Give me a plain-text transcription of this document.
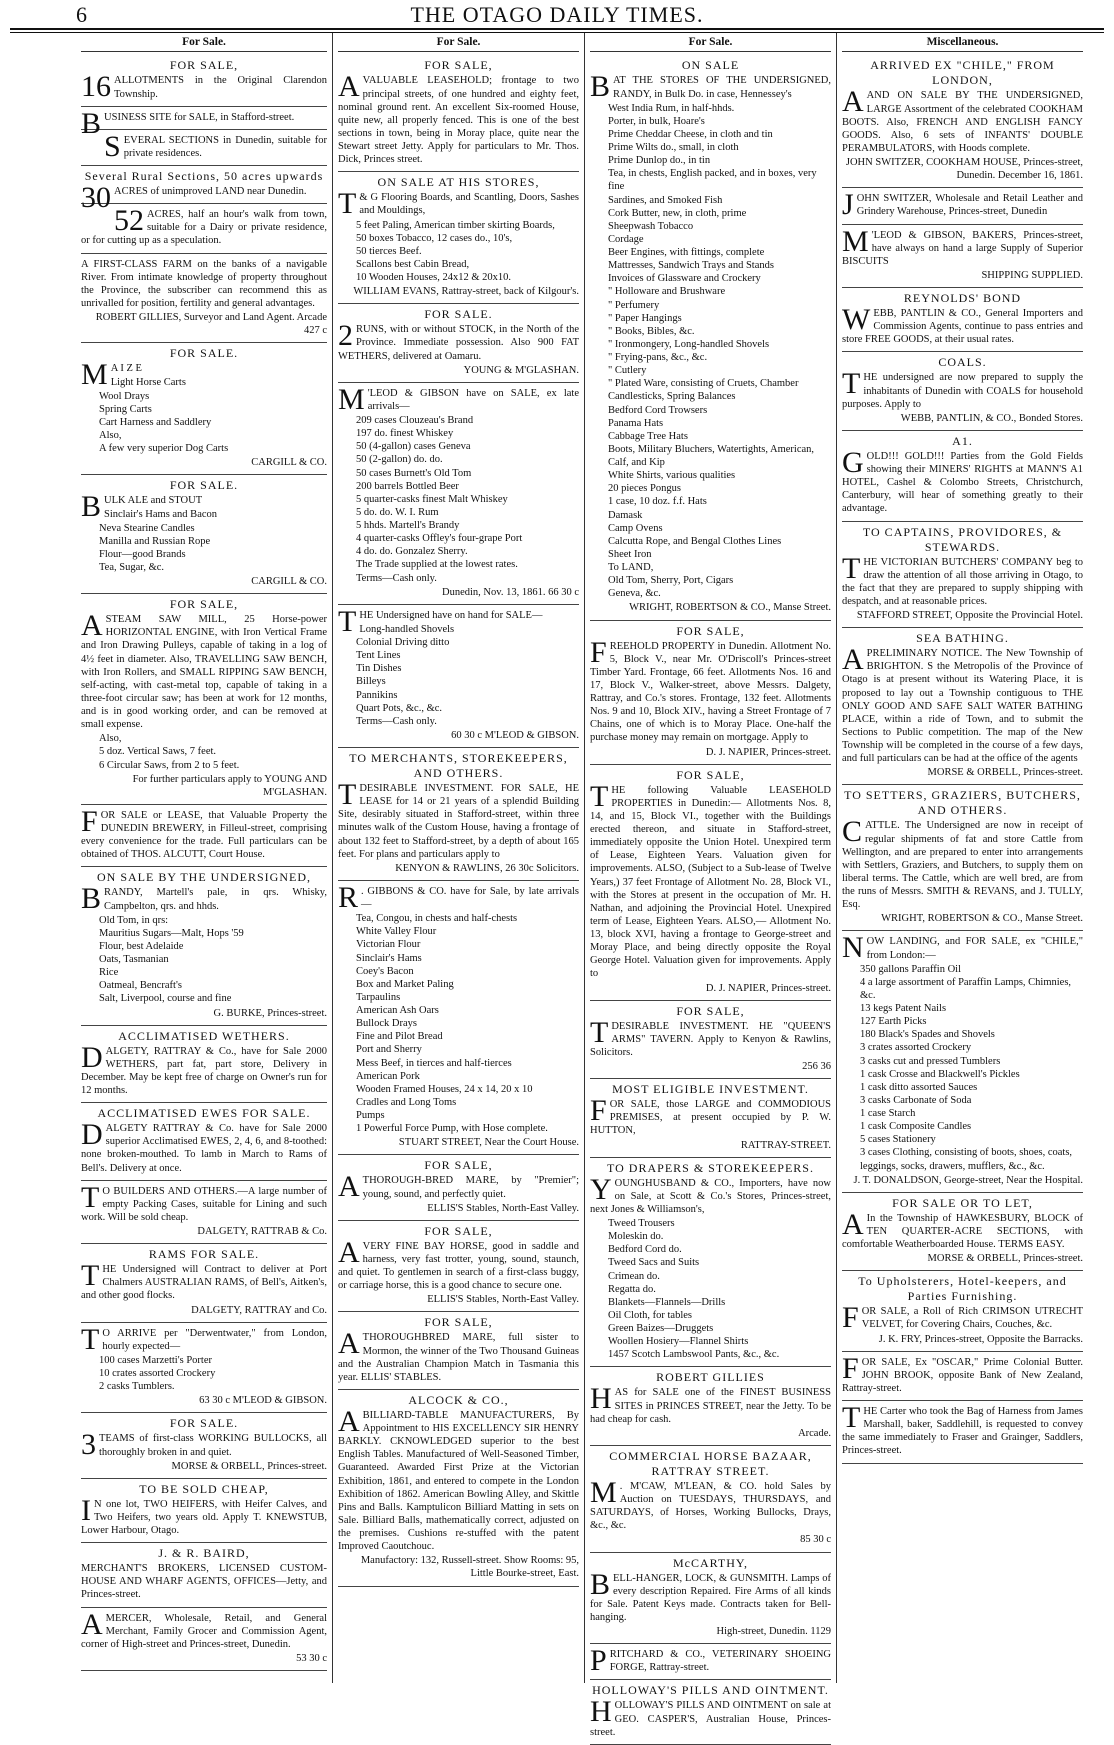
6	THE OTAGO DAILY TIMES.
For Sale.
FOR SALE,

16 ALLOTMENTS in the Original Clarendon Township.

BUSINESS SITE for SALE, in Stafford-street.

SEVERAL SECTIONS in Dunedin, suitable for private residences.

Several Rural Sections, 50 acres upwards

30 ACRES of unimproved LAND near Dunedin.

52 ACRES, half an hour's walk from town, suitable for a Dairy or private residence, or for cutting up as a speculation.

A FIRST-CLASS FARM on the banks of a navigable River. From intimate knowledge of property throughout the Province, the subscriber can recommend this as unrivalled for position, fertility and general advantages.

ROBERT GILLIES, Surveyor and Land Agent. Arcade 427 c

FOR SALE.

M A I Z E

Light Horse Carts
Wool Drays
Spring Carts
Cart Harness and Saddlery
Also,
A few very superior Dog Carts

CARGILL & CO.

FOR SALE.

BULK ALE and STOUT

Sinclair's Hams and Bacon
Neva Stearine Candles
Manilla and Russian Rope
Flour—good Brands
Tea, Sugar, &c.

CARGILL & CO.

FOR SALE,

ASTEAM SAW MILL, 25 Horse-power HORIZONTAL ENGINE, with Iron Vertical Frame and Iron Drawing Pulleys, capable of taking in a log of 4½ feet in diameter. Also, TRAVELLING SAW BENCH, with Iron Rollers, and SMALL RIPPING SAW BENCH, self-acting, with cast-metal top, capable of taking in a three-foot circular saw; has been at work for 12 months, and is in good working order, and can be removed at small expense.

Also,
5 doz. Vertical Saws, 7 feet.
6 Circular Saws, from 2 to 5 feet.

For further particulars apply to YOUNG AND M'GLASHAN.

FOR SALE or LEASE, that Valuable Property the DUNEDIN BREWERY, in Filleul-street, comprising every convenience for the trade. Full particulars can be obtained of THOS. ALCUTT, Court House.

ON SALE BY THE UNDERSIGNED,

BRANDY, Martell's pale, in qrs. Whisky, Campbelton, qrs. and hhds.

Old Tom, in qrs:
Mauritius Sugars—Malt, Hops '59
Flour, best Adelaide
Oats, Tasmanian
Rice
Oatmeal, Bencraft's
Salt, Liverpool, course and fine

G. BURKE, Princes-street.

ACCLIMATISED WETHERS.

DALGETY, RATTRAY & Co., have for Sale 2000 WETHERS, part fat, part store, Delivery in December. May be kept free of charge on Owner's run for 12 months.

ACCLIMATISED EWES FOR SALE.

DALGETY RATTRAY & Co. have for Sale 2000 superior Acclimatised EWES, 2, 4, 6, and 8-toothed: none broken-mouthed. To lamb in March to Rams of Bell's. Delivery at once.

T O BUILDERS AND OTHERS.—A large number of empty Packing Cases, suitable for Lining and such work. Will be sold cheap.

DALGETY, RATTRAB & Co.

RAMS FOR SALE.

THE Undersigned will Contract to deliver at Port Chalmers AUSTRALIAN RAMS, of Bell's, Aitken's, and other good flocks.

DALGETY, RATTRAY and Co.

T O ARRIVE per "Derwentwater," from London, hourly expected—

100 cases Marzetti's Porter
10 crates assorted Crockery
2 casks Tumblers.

63 30 c M'LEOD & GIBSON.

FOR SALE.

3 TEAMS of first-class WORKING BULLOCKS, all thoroughly broken in and quiet.

MORSE & ORBELL, Princes-street.

TO BE SOLD CHEAP,

I N one lot, TWO HEIFERS, with Heifer Calves, and Two Heifers, two years old. Apply T. KNEWSTUB, Lower Harbour, Otago.

J. & R. BAIRD,

MERCHANT'S BROKERS, LICENSED CUSTOM-HOUSE AND WHARF AGENTS, OFFICES—Jetty, and Princes-street.

AMERCER, Wholesale, Retail, and General Merchant, Family Grocer and Commission Agent, corner of High-street and Princes-street, Dunedin.

53 30 c

For Sale.
FOR SALE,

AVALUABLE LEASEHOLD; frontage to two principal streets, of one hundred and eighty feet, nominal ground rent. An excellent Six-roomed House, quite new, all properly fenced. This is one of the best sections in town, being in Moray place, quite near the Stewart street Jetty. Apply for particulars to Mr. Thos. Dick, Princes street.

ON SALE AT HIS STORES,

T & G Flooring Boards, and Scantling, Doors, Sashes and Mouldings,

5 feet Paling, American timber skirting Boards,
50 boxes Tobacco, 12 cases do., 10's,
50 tierces Beef.
Scallons best Cabin Bread,
10 Wooden Houses, 24x12 & 20x10.

WILLIAM EVANS, Rattray-street, back of Kilgour's.

FOR SALE.

2 RUNS, with or without STOCK, in the North of the Province. Immediate possession. Also 900 FAT WETHERS, delivered at Oamaru.

YOUNG & M'GLASHAN.

M 'LEOD & GIBSON have on SALE, ex late arrivals—

209 cases Clouzeau's Brand
197 do. finest Whiskey
50 (4-gallon) cases Geneva
50 (2-gallon) do. do.
50 cases Burnett's Old Tom
200 barrels Bottled Beer
5 quarter-casks finest Malt Whiskey
5 do. do. W. I. Rum
5 hhds. Martell's Brandy
4 quarter-casks Offley's four-grape Port
4 do. do. Gonzalez Sherry.
The Trade supplied at the lowest rates.
Terms—Cash only.

Dunedin, Nov. 13, 1861. 66 30 c

THE Undersigned have on hand for SALE—

Long-handled Shovels
Colonial Driving ditto
Tent Lines
Tin Dishes
Billeys
Pannikins
Quart Pots, &c., &c.
Terms—Cash only.

60 30 c M'LEOD & GIBSON.

TO MERCHANTS, STOREKEEPERS, AND OTHERS.

TDESIRABLE INVESTMENT. FOR SALE, HE LEASE for 14 or 21 years of a splendid Building Site, desirably situated in Stafford-street, within three minutes walk of the Custom House, having a frontage of about 132 feet to Stafford-street, by a depth of about 165 feet. For plans and particulars apply to

KENYON & RAWLINS, 26 30c Solicitors.

R . GIBBONS & CO. have for Sale, by late arrivals—

Tea, Congou, in chests and half-chests
White Valley Flour
Victorian Flour
Sinclair's Hams
Coey's Bacon
Box and Market Paling
Tarpaulins
American Ash Oars
Bullock Drays
Fine and Pilot Bread
Port and Sherry
Mess Beef, in tierces and half-tierces
American Pork
Wooden Framed Houses, 24 x 14, 20 x 10
Cradles and Long Toms
Pumps
1 Powerful Force Pump, with Hose complete.

STUART STREET, Near the Court House.

FOR SALE,

ATHOROUGH-BRED MARE, by "Premier"; young, sound, and perfectly quiet.

ELLIS'S Stables, North-East Valley.

FOR SALE,

AVERY FINE BAY HORSE, good in saddle and harness, very fast trotter, young, sound, staunch, and quiet. To gentlemen in search of a first-class buggy, or carriage horse, this is a good chance to secure one.

ELLIS'S Stables, North-East Valley.

FOR SALE,

ATHOROUGHBRED MARE, full sister to Mormon, the winner of the Two Thousand Guineas and the Australian Champion Match in Tasmania this year. ELLIS' STABLES.

ALCOCK & CO.,

ABILLIARD-TABLE MANUFACTURERS, By Appointment to HIS EXCELLENCY SIR HENRY BARKLY. CKNOWLEDGED superior to the best English Tables. Manufactured of Well-Seasoned Timber, Guaranteed. Awarded First Prize at the Victorian Exhibition, 1861, and entered to compete in the London Exhibition of 1862. American Bowling Alley, and Skittle Pins and Balls. Kamptulicon Billiard Matting in sets on Sale. Billiard Balls, mathematically correct, adjusted on the premises. Cushions re-stuffed with the patent Improved Caoutchouc.

Manufactory: 132, Russell-street. Show Rooms: 95, Little Bourke-street, East.

For Sale.
ON SALE

BAT THE STORES OF THE UNDERSIGNED, RANDY, in Bulk Do. in case, Hennessey's

West India Rum, in half-hhds.
Porter, in bulk, Hoare's
Prime Cheddar Cheese, in cloth and tin
Prime Wilts do., small, in cloth
Prime Dunlop do., in tin
Tea, in chests, English packed, and in boxes, very fine
Sardines, and Smoked Fish
Cork Butter, new, in cloth, prime
Sheepwash Tobacco
Cordage
Beer Engines, with fittings, complete
Mattresses, Sandwich Trays and Stands
Invoices of Glassware and Crockery
" Holloware and Brushware
" Perfumery
" Paper Hangings
" Books, Bibles, &c.
" Ironmongery, Long-handled Shovels
" Frying-pans, &c., &c.
" Cutlery
" Plated Ware, consisting of Cruets, Chamber Candlesticks, Spring Balances
Bedford Cord Trowsers
Panama Hats
Cabbage Tree Hats
Boots, Military Bluchers, Watertights, American, Calf, and Kip
White Shirts, various qualities
20 pieces Pongus
1 case, 10 doz. f.f. Hats
Damask
Camp Ovens
Calcutta Rope, and Bengal Clothes Lines
Sheet Iron
To LAND,
Old Tom, Sherry, Port, Cigars
Geneva, &c.

WRIGHT, ROBERTSON & CO., Manse Street.

FOR SALE,

FREEHOLD PROPERTY in Dunedin. Allotment No. 5, Block V., near Mr. O'Driscoll's Princes-street Timber Yard. Frontage, 66 feet. Allotments Nos. 16 and 17, Block V., Walker-street, above Messrs. Dalgety, Rattray, and Co.'s stores. Frontage, 132 feet. Allotments Nos. 9 and 10, Block XIV., having a Street Frontage of 7 Chains, one of which is to Moray Place. One-half the purchase money may remain on mortgage. Apply to

D. J. NAPIER, Princes-street.

FOR SALE,

THE following Valuable LEASEHOLD PROPERTIES in Dunedin:— Allotments Nos. 8, 14, and 15, Block VI., together with the Buildings erected thereon, and situate in Stafford-street, immediately opposite the Union Hotel. Unexpired term of Lease, Eighteen Years. Valuation given for improvements. ALSO, (Subject to a Sub-lease of Twelve Years,) 37 feet Frontage of Allotment No. 28, Block VI., with the Stores at present in the occupation of Mr. H. Nathan, and adjoining the Provincial Hotel. Unexpired term of Lease, Eighteen Years. ALSO,— Allotment No. 13, block XVI, having a frontage to George-street and Moray Place, and being directly opposite the Royal George Hotel. Valuation given for improvements. Apply to

D. J. NAPIER, Princes-street.

FOR SALE,

TDESIRABLE INVESTMENT. HE "QUEEN'S ARMS" TAVERN. Apply to Kenyon & Rawlins, Solicitors.

256 36

MOST ELIGIBLE INVESTMENT.

FOR SALE, those LARGE and COMMODIOUS PREMISES, at present occupied by P. W. HUTTON,

RATTRAY-STREET.

TO DRAPERS & STOREKEEPERS.

YOUNGHUSBAND & CO., Importers, have now on Sale, at Scott & Co.'s Stores, Princes-street, next Jones & Williamson's,

Tweed Trousers
Moleskin do.
Bedford Cord do.
Tweed Sacs and Suits
Crimean do.
Regatta do.
Blankets—Flannels—Drills
Oil Cloth, for tables
Green Baizes—Druggets
Woollen Hosiery—Flannel Shirts
1457 Scotch Lambswool Pants, &c., &c.
ROBERT GILLIES

HAS for SALE one of the FINEST BUSINESS SITES in PRINCES STREET, near the Jetty. To be had cheap for cash.

Arcade.

COMMERCIAL HORSE BAZAAR, RATTRAY STREET.

M . M'CAW, M'LEAN, & CO. hold Sales by Auction on TUESDAYS, THURSDAYS, and SATURDAYS, of Horses, Working Bullocks, Drays, &c., &c.

85 30 c

McCARTHY,

BELL-HANGER, LOCK, & GUNSMITH. Lamps of every description Repaired. Fire Arms of all kinds for Sale. Patent Keys made. Contracts taken for Bell-hanging.

High-street, Dunedin. 1129

PRITCHARD & CO., VETERINARY SHOEING FORGE, Rattray-street.

HOLLOWAY'S PILLS AND OINTMENT.

HOLLOWAY'S PILLS AND OINTMENT on sale at GEO. CASPER'S, Australian House, Princes-street.

Miscellaneous.
ARRIVED EX "CHILE," FROM LONDON,

AAND ON SALE BY THE UNDERSIGNED, LARGE Assortment of the celebrated COOKHAM BOOTS. Also, FRENCH AND ENGLISH FANCY GOODS. Also, 6 sets of INFANTS' DOUBLE PERAMBULATORS, with Hoods complete.

JOHN SWITZER, COOKHAM HOUSE, Princes-street, Dunedin. December 16, 1861.

JOHN SWITZER, Wholesale and Retail Leather and Grindery Warehouse, Princes-street, Dunedin

M 'LEOD & GIBSON, BAKERS, Princes-street, have always on hand a large Supply of Superior BISCUITS

SHIPPING SUPPLIED.

REYNOLDS' BOND

WEBB, PANTLIN & CO., General Importers and Commission Agents, continue to pass entries and store FREE GOODS, at their usual rates.

COALS.

THE undersigned are now prepared to supply the inhabitants of Dunedin with COALS for household purposes. Apply to

WEBB, PANTLIN, & CO., Bonded Stores.

A1.

GOLD!!! GOLD!!! Parties from the Gold Fields showing their MINERS' RIGHTS at MANN'S A1 HOTEL, Cashel & Colombo Streets, Christchurch, Canterbury, will hear of something greatly to their advantage.

TO CAPTAINS, PROVIDORES, & STEWARDS.

THE VICTORIAN BUTCHERS' COMPANY beg to draw the attention of all those arriving in Otago, to the fact that they are prepared to supply shipping with despatch, and at reasonable prices.

STAFFORD STREET, Opposite the Provincial Hotel.

SEA BATHING.

APRELIMINARY NOTICE. The New Township of BRIGHTON. S the Metropolis of the Province of Otago is at present without its Watering Place, it is proposed to lay out a Township contiguous to THE ONLY GOOD AND SAFE SALT WATER BATHING PLACE, within a ride of Town, and to submit the Sections to Public competition. The map of the New Township will be completed in the course of a few days, and full particulars can be had at the office of the agents

MORSE & ORBELL, Princes-street.

TO SETTERS, GRAZIERS, BUTCHERS, AND OTHERS.

CATTLE. The Undersigned are now in receipt of regular shipments of fat and store Cattle from Wellington, and are prepared to enter into arrangements with Settlers, Graziers, and Butchers, to supply them on liberal terms. The Cattle, which are well bred, are from the runs of Messrs. SMITH & REVANS, and J. TULLY, Esq.

WRIGHT, ROBERTSON & CO., Manse Street.

NOW LANDING, and FOR SALE, ex "CHILE," from London:—

350 gallons Paraffin Oil
4 a large assortment of Paraffin Lamps, Chimnies, &c.
13 kegs Patent Nails
127 Earth Picks
180 Black's Spades and Shovels
3 crates assorted Crockery
3 casks cut and pressed Tumblers
1 cask Crosse and Blackwell's Pickles
1 cask ditto assorted Sauces
3 casks Carbonate of Soda
1 case Starch
1 cask Composite Candles
5 cases Stationery
3 cases Clothing, consisting of boots, shoes, coats, leggings, socks, drawers, mufflers, &c., &c.

J. T. DONALDSON, George-street, Near the Hospital.

FOR SALE OR TO LET,

A In the Township of HAWKESBURY, BLOCK of TEN QUARTER-ACRE SECTIONS, with comfortable Weatherboarded House. TERMS EASY.

MORSE & ORBELL, Princes-street.

To Upholsterers, Hotel-keepers, and Parties Furnishing.

FOR SALE, a Roll of Rich CRIMSON UTRECHT VELVET, for Covering Chairs, Couches, &c.

J. K. FRY, Princes-street, Opposite the Barracks.

FOR SALE, Ex "OSCAR," Prime Colonial Butter. JOHN BROOK, opposite Bank of New Zealand, Rattray-street.

THE Carter who took the Bag of Harness from James Marshall, baker, Saddlehill, is requested to convey the same immediately to Fraser and Grainger, Saddlers, Princes-street.
